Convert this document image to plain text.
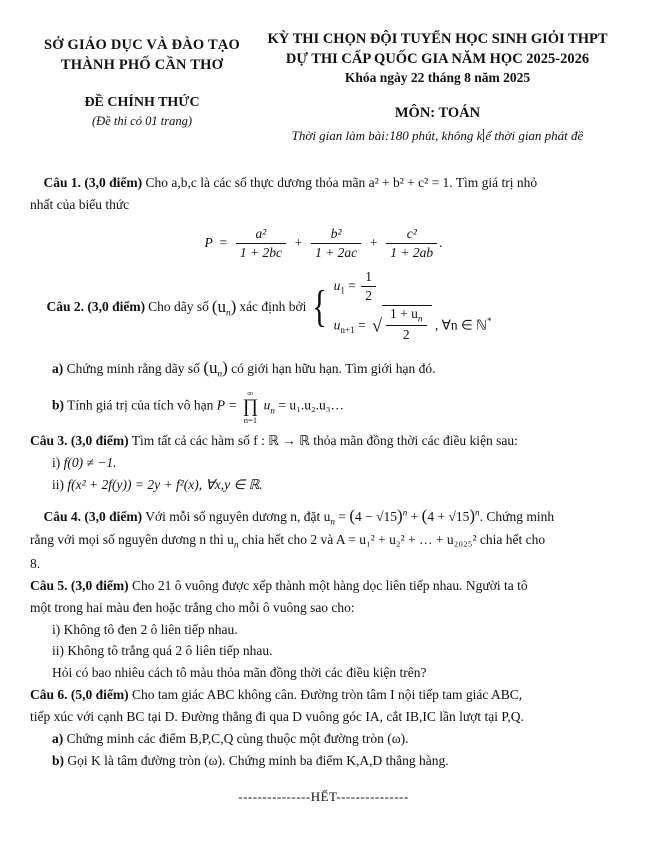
SỞ GIÁO DỤC VÀ ĐÀO TẠO
THÀNH PHỐ CẦN THƠ
ĐỀ CHÍNH THỨC
(Đề thi có 01 trang)
KỲ THI CHỌN ĐỘI TUYỂN HỌC SINH GIỎI THPT
DỰ THI CẤP QUỐC GIA NĂM HỌC 2025-2026
Khóa ngày 22 tháng 8 năm 2025
MÔN: TOÁN
Thời gian làm bài:180 phút, không k ể thời gian phát đề
Câu 1. (3,0 điểm) Cho a,b,c là các số thực dương thỏa mãn a² + b² + c² = 1. Tìm giá trị nhỏ
nhất của biểu thức
$P = \frac{\text{a²}}{1 + 2bc} + \frac{\text{b²}}{1 + 2ac} + \frac{\text{c²}}{1 + 2ab}$ .

Câu 2. (3,0 điểm) Cho dãy số $(u_n)$ xác định bởi { $u_1 = \frac{1}{2}$
$u_{n+1}$ = √ $\frac{1 + u_n}{2}$ , ∀n ∈ ℕ*
a) Chứng minh rằng dãy số $(u_n)$ có giới hạn hữu hạn. Tìm giới hạn đó.
b) Tính giá trị của tích vô hạn P =
∞
∏
n=1
$u_n$ = u₁.u₂.u₃…
Câu 3. (3,0 điểm) Tìm tất cả các hàm số f : ℝ → ℝ thỏa mãn đồng thời các điều kiện sau:
i) f(0) ≠ −1.
ii) f(x² + 2f(y)) = 2y + f²(x), ∀x,y ∈ ℝ.
Câu 4. (3,0 điểm) Với mỗi số nguyên dương n, đặt $u_n = (4 - √15)^n + (4 + √15)^n$. Chứng minh
rằng với mọi số nguyên dương n thì $u_n$ chia hết cho 2 và A = u₁² + u₂² + … + u₂₀₂₅² chia hết cho
8.
Câu 5. (3,0 điểm) Cho 21 ô vuông được xếp thành một hàng dọc liên tiếp nhau. Người ta tô
một trong hai màu đen hoặc trắng cho mỗi ô vuông sao cho:
i) Không tô đen 2 ô liên tiếp nhau.
ii) Không tô trắng quá 2 ô liên tiếp nhau.
Hỏi có bao nhiêu cách tô màu thỏa mãn đồng thời các điều kiện trên?
Câu 6. (5,0 điểm) Cho tam giác ABC không cân. Đường tròn tâm I nội tiếp tam giác ABC,
tiếp xúc với cạnh BC tại D. Đường thẳng đi qua D vuông góc IA, cắt IB,IC lần lượt tại P,Q.
a) Chứng minh các điểm B,P,C,Q cùng thuộc một đường tròn (ω).
b) Gọi K là tâm đường tròn (ω). Chứng minh ba điểm K,A,D thẳng hàng.
---------------HẾT---------------
